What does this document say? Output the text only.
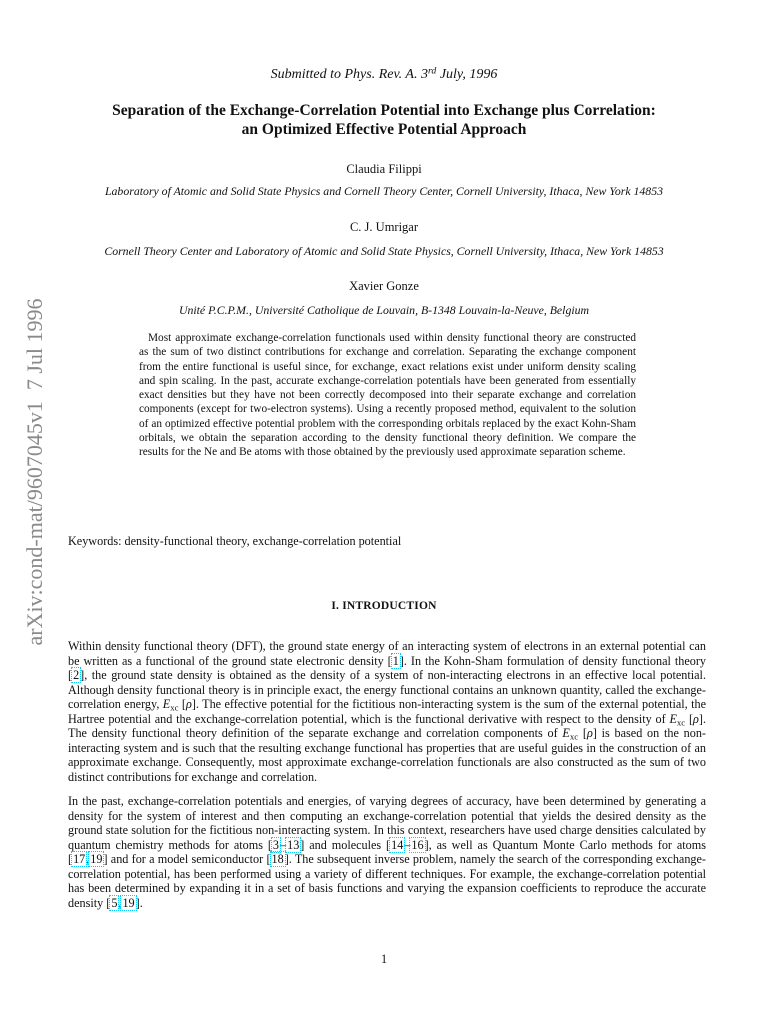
arXiv:cond-mat/9607045v1  7 Jul 1996
Submitted to Phys. Rev. A. 3rd July, 1996
Separation of the Exchange-Correlation Potential into Exchange plus Correlation:
an Optimized Effective Potential Approach
Claudia Filippi
Laboratory of Atomic and Solid State Physics and Cornell Theory Center, Cornell University, Ithaca, New York 14853
C. J. Umrigar
Cornell Theory Center and Laboratory of Atomic and Solid State Physics, Cornell University, Ithaca, New York 14853
Xavier Gonze
Unité P.C.P.M., Université Catholique de Louvain, B-1348 Louvain-la-Neuve, Belgium
Most approximate exchange-correlation functionals used within density functional theory are constructed as the sum of two distinct contributions for exchange and correlation. Separating the exchange component from the entire functional is useful since, for exchange, exact relations exist under uniform density scaling and spin scaling. In the past, accurate exchange-correlation potentials have been generated from essentially exact densities but they have not been correctly decomposed into their separate exchange and correlation components (except for two-electron systems). Using a recently proposed method, equivalent to the solution of an optimized effective potential problem with the corresponding orbitals replaced by the exact Kohn-Sham orbitals, we obtain the separation according to the density functional theory definition. We compare the results for the Ne and Be atoms with those obtained by the previously used approximate separation scheme.
Keywords: density-functional theory, exchange-correlation potential
I. INTRODUCTION

Within density functional theory (DFT), the ground state energy of an interacting system of electrons in an external potential can be written as a functional of the ground state electronic density [1]. In the Kohn-Sham formulation of density functional theory [2], the ground state density is obtained as the density of a system of non-interacting electrons in an effective local potential. Although density functional theory is in principle exact, the energy functional contains an unknown quantity, called the exchange-correlation energy, $E_{xc}$ [ρ]. The effective potential for the fictitious non-interacting system is the sum of the external potential, the Hartree potential and the exchange-correlation potential, which is the functional derivative with respect to the density of $E_{xc}$ [ρ]. The density functional theory definition of the separate exchange and correlation components of $E_{xc}$ [ρ] is based on the non-interacting system and is such that the resulting exchange functional has properties that are useful guides in the construction of an approximate exchange. Consequently, most approximate exchange-correlation functionals are also constructed as the sum of two distinct contributions for exchange and correlation.

In the past, exchange-correlation potentials and energies, of varying degrees of accuracy, have been determined by generating a density for the system of interest and then computing an exchange-correlation potential that yields the desired density as the ground state solution for the fictitious non-interacting system. In this context, researchers have used charge densities calculated by quantum chemistry methods for atoms [3–13] and molecules [14–16], as well as Quantum Monte Carlo methods for atoms [17,19] and for a model semiconductor [18]. The subsequent inverse problem, namely the search of the corresponding exchange-correlation potential, has been performed using a variety of different techniques. For example, the exchange-correlation potential has been determined by expanding it in a set of basis functions and varying the expansion coefficients to reproduce the accurate density [5,19].

1
